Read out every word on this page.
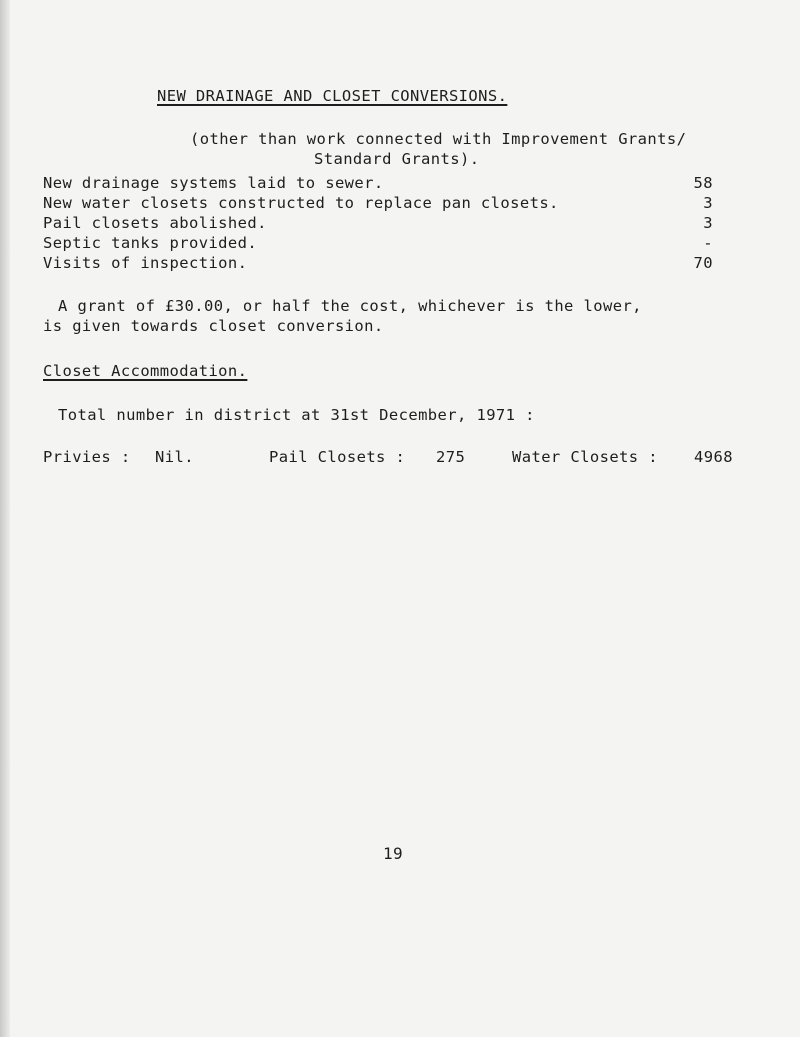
NEW DRAINAGE AND CLOSET CONVERSIONS.
(other than work connected with Improvement Grants/
Standard Grants).
New drainage systems laid to sewer.	58
New water closets constructed to replace pan closets.	3
Pail closets abolished.	3
Septic tanks provided.	-
Visits of inspection.	70
A grant of £30.00, or half the cost, whichever is the lower,
is given towards closet conversion.
Closet Accommodation.
Total number in district at 31st December, 1971 :
Privies : Nil.	Pail Closets : 275	Water Closets : 4968
19
